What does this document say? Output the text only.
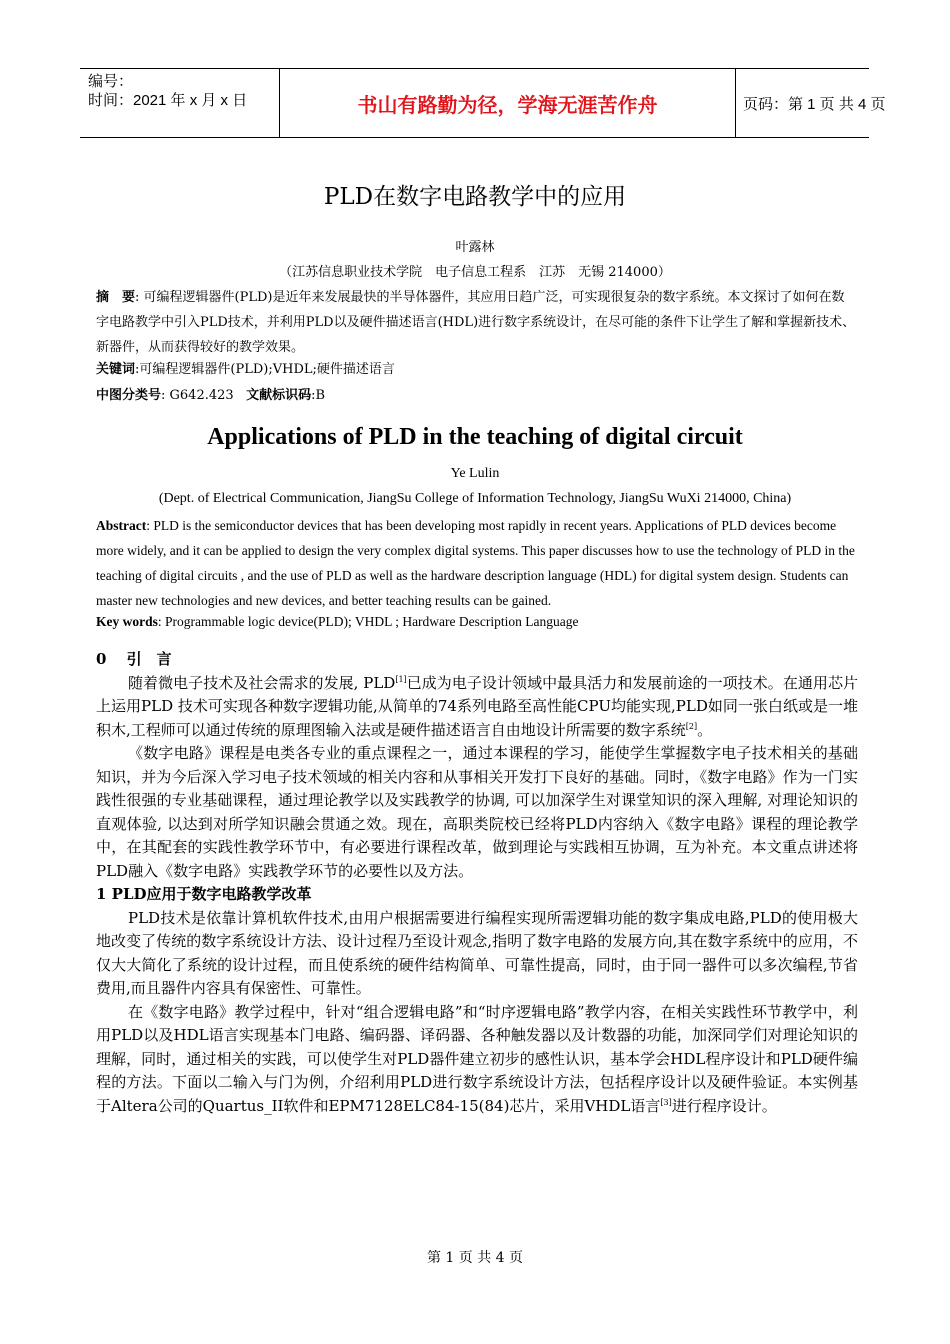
编号：
时间：2021 年 x 月 x 日	书山有路勤为径，学海无涯苦作舟	页码：第 1 页 共 4 页
PLD在数字电路教学中的应用
叶露林
（江苏信息职业技术学院　电子信息工程系　江苏　无锡 214000）
摘　要: 可编程逻辑器件(PLD)是近年来发展最快的半导体器件，其应用日趋广泛，可实现很复杂的数字系统。本文探讨了如何在数字电路教学中引入PLD技术，并利用PLD以及硬件描述语言(HDL)进行数字系统设计，在尽可能的条件下让学生了解和掌握新技术、新器件，从而获得较好的教学效果。
关键词:可编程逻辑器件(PLD);VHDL;硬件描述语言
中图分类号: G642.423 文献标识码:B
Applications of PLD in the teaching of digital circuit
Ye Lulin
(Dept. of Electrical Communication, JiangSu College of Information Technology, JiangSu WuXi 214000, China)
Abstract: PLD is the semiconductor devices that has been developing most rapidly in recent years. Applications of PLD devices become more widely, and it can be applied to design the very complex digital systems. This paper discusses how to use the technology of PLD in the teaching of digital circuits , and the use of PLD as well as the hardware description language (HDL) for digital system design. Students can master new technologies and new devices, and better teaching results can be gained.
Key words: Programmable logic device(PLD); VHDL ; Hardware Description Language

0　 引　言

随着微电子技术及社会需求的发展, PLD[1]已成为电子设计领域中最具活力和发展前途的一项技术。在通用芯片上运用PLD 技术可实现各种数字逻辑功能,从简单的74系列电路至高性能CPU均能实现,PLD如同一张白纸或是一堆积木,工程师可以通过传统的原理图输入法或是硬件描述语言自由地设计所需要的数字系统[2]。

《数字电路》课程是电类各专业的重点课程之一，通过本课程的学习，能使学生掌握数字电子技术相关的基础知识，并为今后深入学习电子技术领域的相关内容和从事相关开发打下良好的基础。同时，《数字电路》作为一门实践性很强的专业基础课程，通过理论教学以及实践教学的协调, 可以加深学生对课堂知识的深入理解, 对理论知识的直观体验, 以达到对所学知识融会贯通之效。现在，高职类院校已经将PLD内容纳入《数字电路》课程的理论教学中，在其配套的实践性教学环节中，有必要进行课程改革，做到理论与实践相互协调，互为补充。本文重点讲述将PLD融入《数字电路》实践教学环节的必要性以及方法。

1 PLD应用于数字电路教学改革

PLD技术是依靠计算机软件技术,由用户根据需要进行编程实现所需逻辑功能的数字集成电路,PLD的使用极大地改变了传统的数字系统设计方法、设计过程乃至设计观念,指明了数字电路的发展方向,其在数字系统中的应用，不仅大大简化了系统的设计过程，而且使系统的硬件结构简单、可靠性提高，同时，由于同一器件可以多次编程,节省费用,而且器件内容具有保密性、可靠性。

在《数字电路》教学过程中，针对“组合逻辑电路”和“时序逻辑电路”教学内容，在相关实践性环节教学中，利用PLD以及HDL语言实现基本门电路、编码器、译码器、各种触发器以及计数器的功能，加深同学们对理论知识的理解，同时，通过相关的实践，可以使学生对PLD器件建立初步的感性认识，基本学会HDL程序设计和PLD硬件编程的方法。下面以二输入与门为例，介绍利用PLD进行数字系统设计方法，包括程序设计以及硬件验证。本实例基于Altera公司的Quartus_II软件和EPM7128ELC84-15(84)芯片，采用VHDL语言[3]进行程序设计。

第 1 页 共 4 页
